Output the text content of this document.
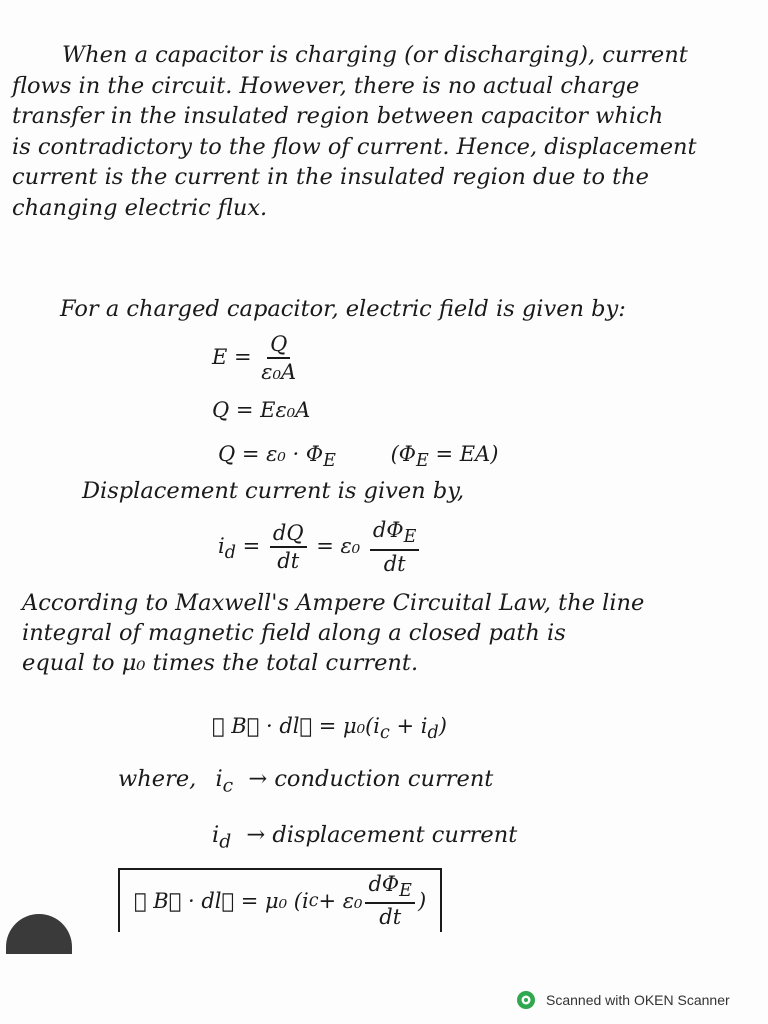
When a capacitor is charging (or discharging), current
flows in the circuit. However, there is no actual charge
transfer in the insulated region between capacitor which
is contradictory to the flow of current. Hence, displacement
current is the current in the insulated region due to the
changing electric flux.
For a charged capacitor, electric field is given by:
$E = \frac{Q}{\text{ε₀A}}$
Q = Eε₀A
$Q = \varepsilon_0 \cdot \Phi_E$	$(\Phi_E = EA)$
Displacement current is given by,
$i_d = \frac{dQ}{dt} = \varepsilon_0 \frac{d\Phi_E}{dt}$
According to Maxwell's Ampere Circuital Law, the line
integral of magnetic field along a closed path is
equal to μ₀ times the total current.
∮ B⃗ · dl⃗ = $\mu_0(i_c + i_d)$
where, $i_c$ → conduction current
$i_d$ → displacement current
∮ B⃗ · dl⃗ = μ₀ (i $c + \varepsilon_0 \frac{d\Phi_E}{dt}$ )
Scanned with OKEN Scanner
